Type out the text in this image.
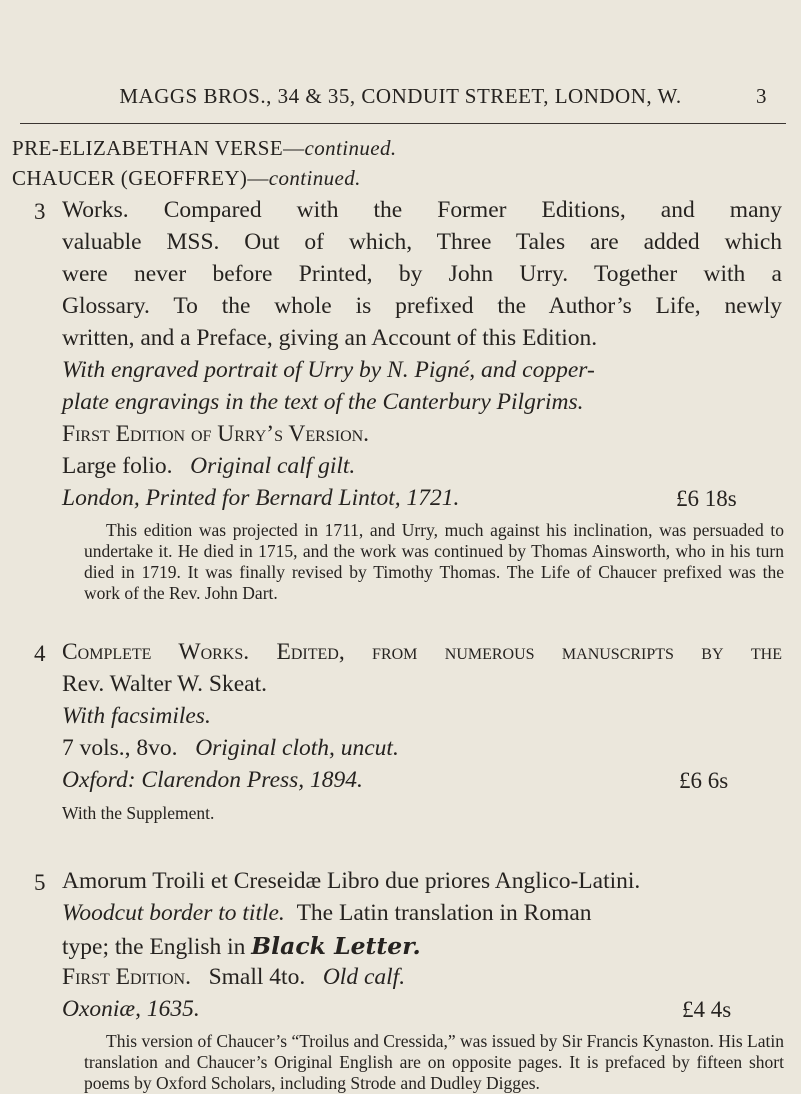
MAGGS BROS., 34 & 35, CONDUIT STREET, LONDON, W.	3
PRE-ELIZABETHAN VERSE—continued.
CHAUCER (GEOFFREY)—continued.
3 Works. Compared with the Former Editions, and many
valuable MSS. Out of which, Three Tales are added which
were never before Printed, by John Urry. Together with a
Glossary. To the whole is prefixed the Author’s Life, newly
written, and a Preface, giving an Account of this Edition.
With engraved portrait of Urry by N. Pigné, and copper-
plate engravings in the text of the Canterbury Pilgrims.
First Edition of Urry’s Version.
Large folio. Original calf gilt.
London, Printed for Bernard Lintot, 1721.	£6 18s
This edition was projected in 1711, and Urry, much against his inclination, was persuaded to undertake it. He died in 1715, and the work was continued by Thomas Ainsworth, who in his turn died in 1719. It was finally revised by Timothy Thomas. The Life of Chaucer prefixed was the work of the Rev. John Dart.
4 Complete Works. Edited, from numerous manuscripts by the
Rev. Walter W. Skeat.
With facsimiles.
7 vols., 8vo. Original cloth, uncut.
Oxford: Clarendon Press, 1894.	£6 6s
With the Supplement.
5 Amorum Troili et Creseidæ Libro due priores Anglico-Latini.
Woodcut border to title. The Latin translation in Roman
type; the English in Black Letter.
First Edition. Small 4to. Old calf.
Oxoniæ, 1635.	£4 4s
This version of Chaucer’s “Troilus and Cressida,” was issued by Sir Francis Kynaston. His Latin translation and Chaucer’s Original English are on opposite pages. It is prefaced by fifteen short poems by Oxford Scholars, including Strode and Dudley Digges.
